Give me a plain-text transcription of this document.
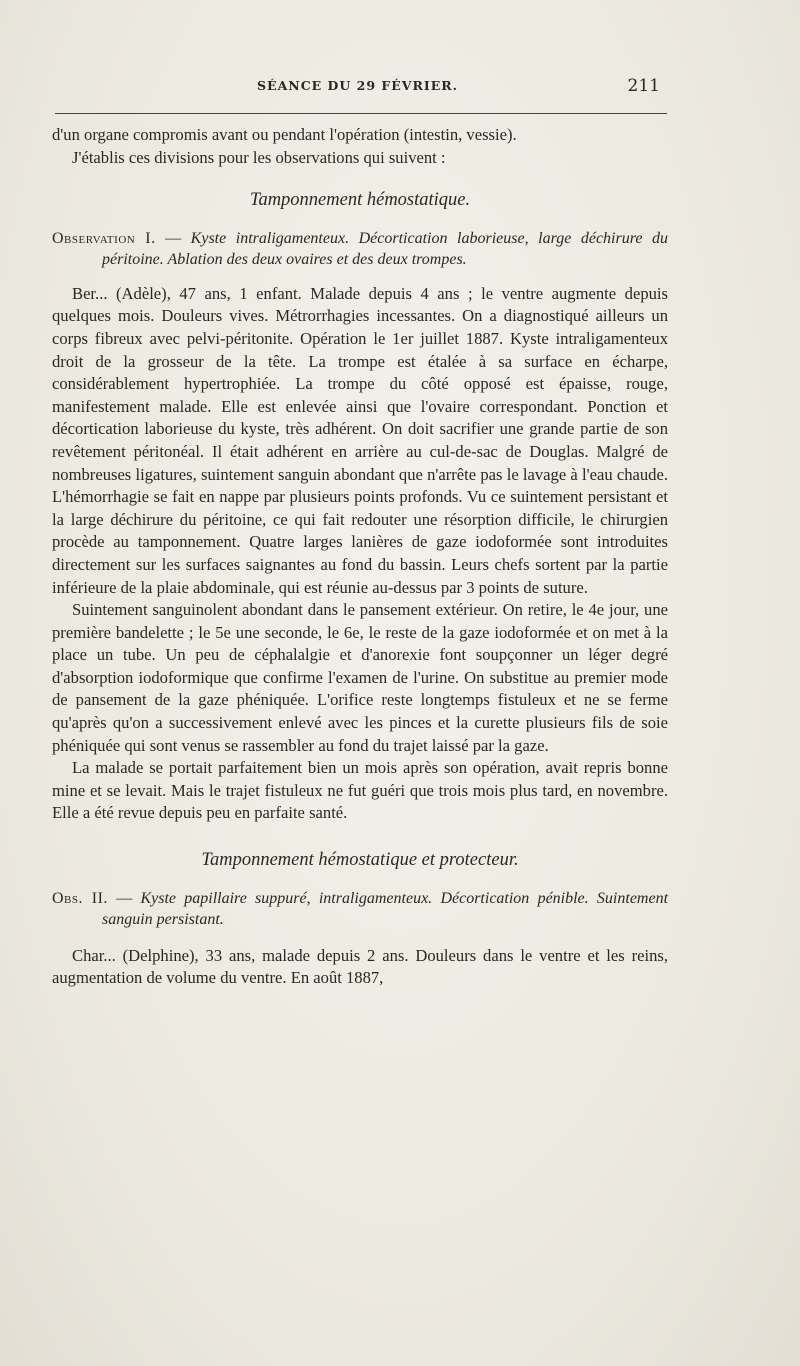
SÉANCE DU 29 FÉVRIER.	211

d'un organe compromis avant ou pendant l'opération (intestin, vessie).

J'établis ces divisions pour les observations qui suivent :

Tamponnement hémostatique.

Observation I. — Kyste intraligamenteux. Décortication laborieuse, large déchirure du péritoine. Ablation des deux ovaires et des deux trompes.

Ber... (Adèle), 47 ans, 1 enfant. Malade depuis 4 ans ; le ventre augmente depuis quelques mois. Douleurs vives. Métrorrhagies incessantes. On a diagnostiqué ailleurs un corps fibreux avec pelvi-péritonite. Opération le 1er juillet 1887. Kyste intraligamenteux droit de la grosseur de la tête. La trompe est étalée à sa surface en écharpe, considérablement hypertrophiée. La trompe du côté opposé est épaisse, rouge, manifestement malade. Elle est enlevée ainsi que l'ovaire correspondant. Ponction et décortication laborieuse du kyste, très adhérent. On doit sacrifier une grande partie de son revêtement péritonéal. Il était adhérent en arrière au cul-de-sac de Douglas. Malgré de nombreuses ligatures, suintement sanguin abondant que n'arrête pas le lavage à l'eau chaude. L'hémorrhagie se fait en nappe par plusieurs points profonds. Vu ce suintement persistant et la large déchirure du péritoine, ce qui fait redouter une résorption difficile, le chirurgien procède au tamponnement. Quatre larges lanières de gaze iodoformée sont introduites directement sur les surfaces saignantes au fond du bassin. Leurs chefs sortent par la partie inférieure de la plaie abdominale, qui est réunie au-dessus par 3 points de suture.

Suintement sanguinolent abondant dans le pansement extérieur. On retire, le 4e jour, une première bandelette ; le 5e une seconde, le 6e, le reste de la gaze iodoformée et on met à la place un tube. Un peu de céphalalgie et d'anorexie font soupçonner un léger degré d'absorption iodoformique que confirme l'examen de l'urine. On substitue au premier mode de pansement de la gaze phéniquée. L'orifice reste longtemps fistuleux et ne se ferme qu'après qu'on a successivement enlevé avec les pinces et la curette plusieurs fils de soie phéniquée qui sont venus se rassembler au fond du trajet laissé par la gaze.

La malade se portait parfaitement bien un mois après son opération, avait repris bonne mine et se levait. Mais le trajet fistuleux ne fut guéri que trois mois plus tard, en novembre. Elle a été revue depuis peu en parfaite santé.

Tamponnement hémostatique et protecteur.

Obs. II. — Kyste papillaire suppuré, intraligamenteux. Décortication pénible. Suintement sanguin persistant.

Char... (Delphine), 33 ans, malade depuis 2 ans. Douleurs dans le ventre et les reins, augmentation de volume du ventre. En août 1887,
